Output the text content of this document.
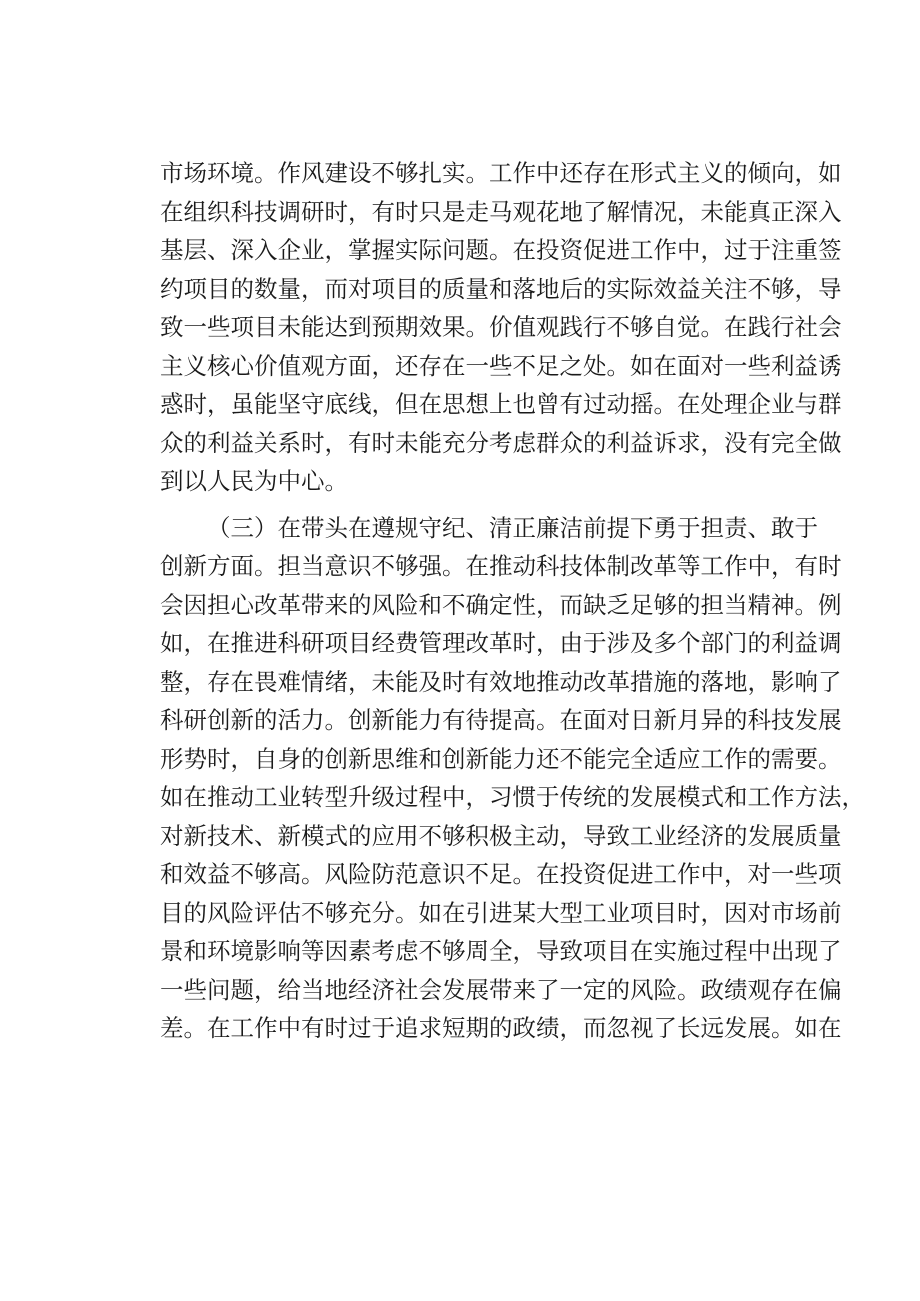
市场环境。作风建设不够扎实。工作中还存在形式主义的倾向，如
在组织科技调研时，有时只是走马观花地了解情况，未能真正深入
基层、深入企业，掌握实际问题。在投资促进工作中，过于注重签
约项目的数量，而对项目的质量和落地后的实际效益关注不够，导
致一些项目未能达到预期效果。价值观践行不够自觉。在践行社会
主义核心价值观方面，还存在一些不足之处。如在面对一些利益诱
惑时，虽能坚守底线，但在思想上也曾有过动摇。在处理企业与群
众的利益关系时，有时未能充分考虑群众的利益诉求，没有完全做
到以人民为中心。
（三）在带头在遵规守纪、清正廉洁前提下勇于担责、敢于
创新方面。担当意识不够强。在推动科技体制改革等工作中，有时
会因担心改革带来的风险和不确定性，而缺乏足够的担当精神。例
如，在推进科研项目经费管理改革时，由于涉及多个部门的利益调
整，存在畏难情绪，未能及时有效地推动改革措施的落地，影响了
科研创新的活力。创新能力有待提高。在面对日新月异的科技发展
形势时，自身的创新思维和创新能力还不能完全适应工作的需要。
如在推动工业转型升级过程中，习惯于传统的发展模式和工作方法，
对新技术、新模式的应用不够积极主动，导致工业经济的发展质量
和效益不够高。风险防范意识不足。在投资促进工作中，对一些项
目的风险评估不够充分。如在引进某大型工业项目时，因对市场前
景和环境影响等因素考虑不够周全，导致项目在实施过程中出现了
一些问题，给当地经济社会发展带来了一定的风险。政绩观存在偏
差。在工作中有时过于追求短期的政绩，而忽视了长远发展。如在
